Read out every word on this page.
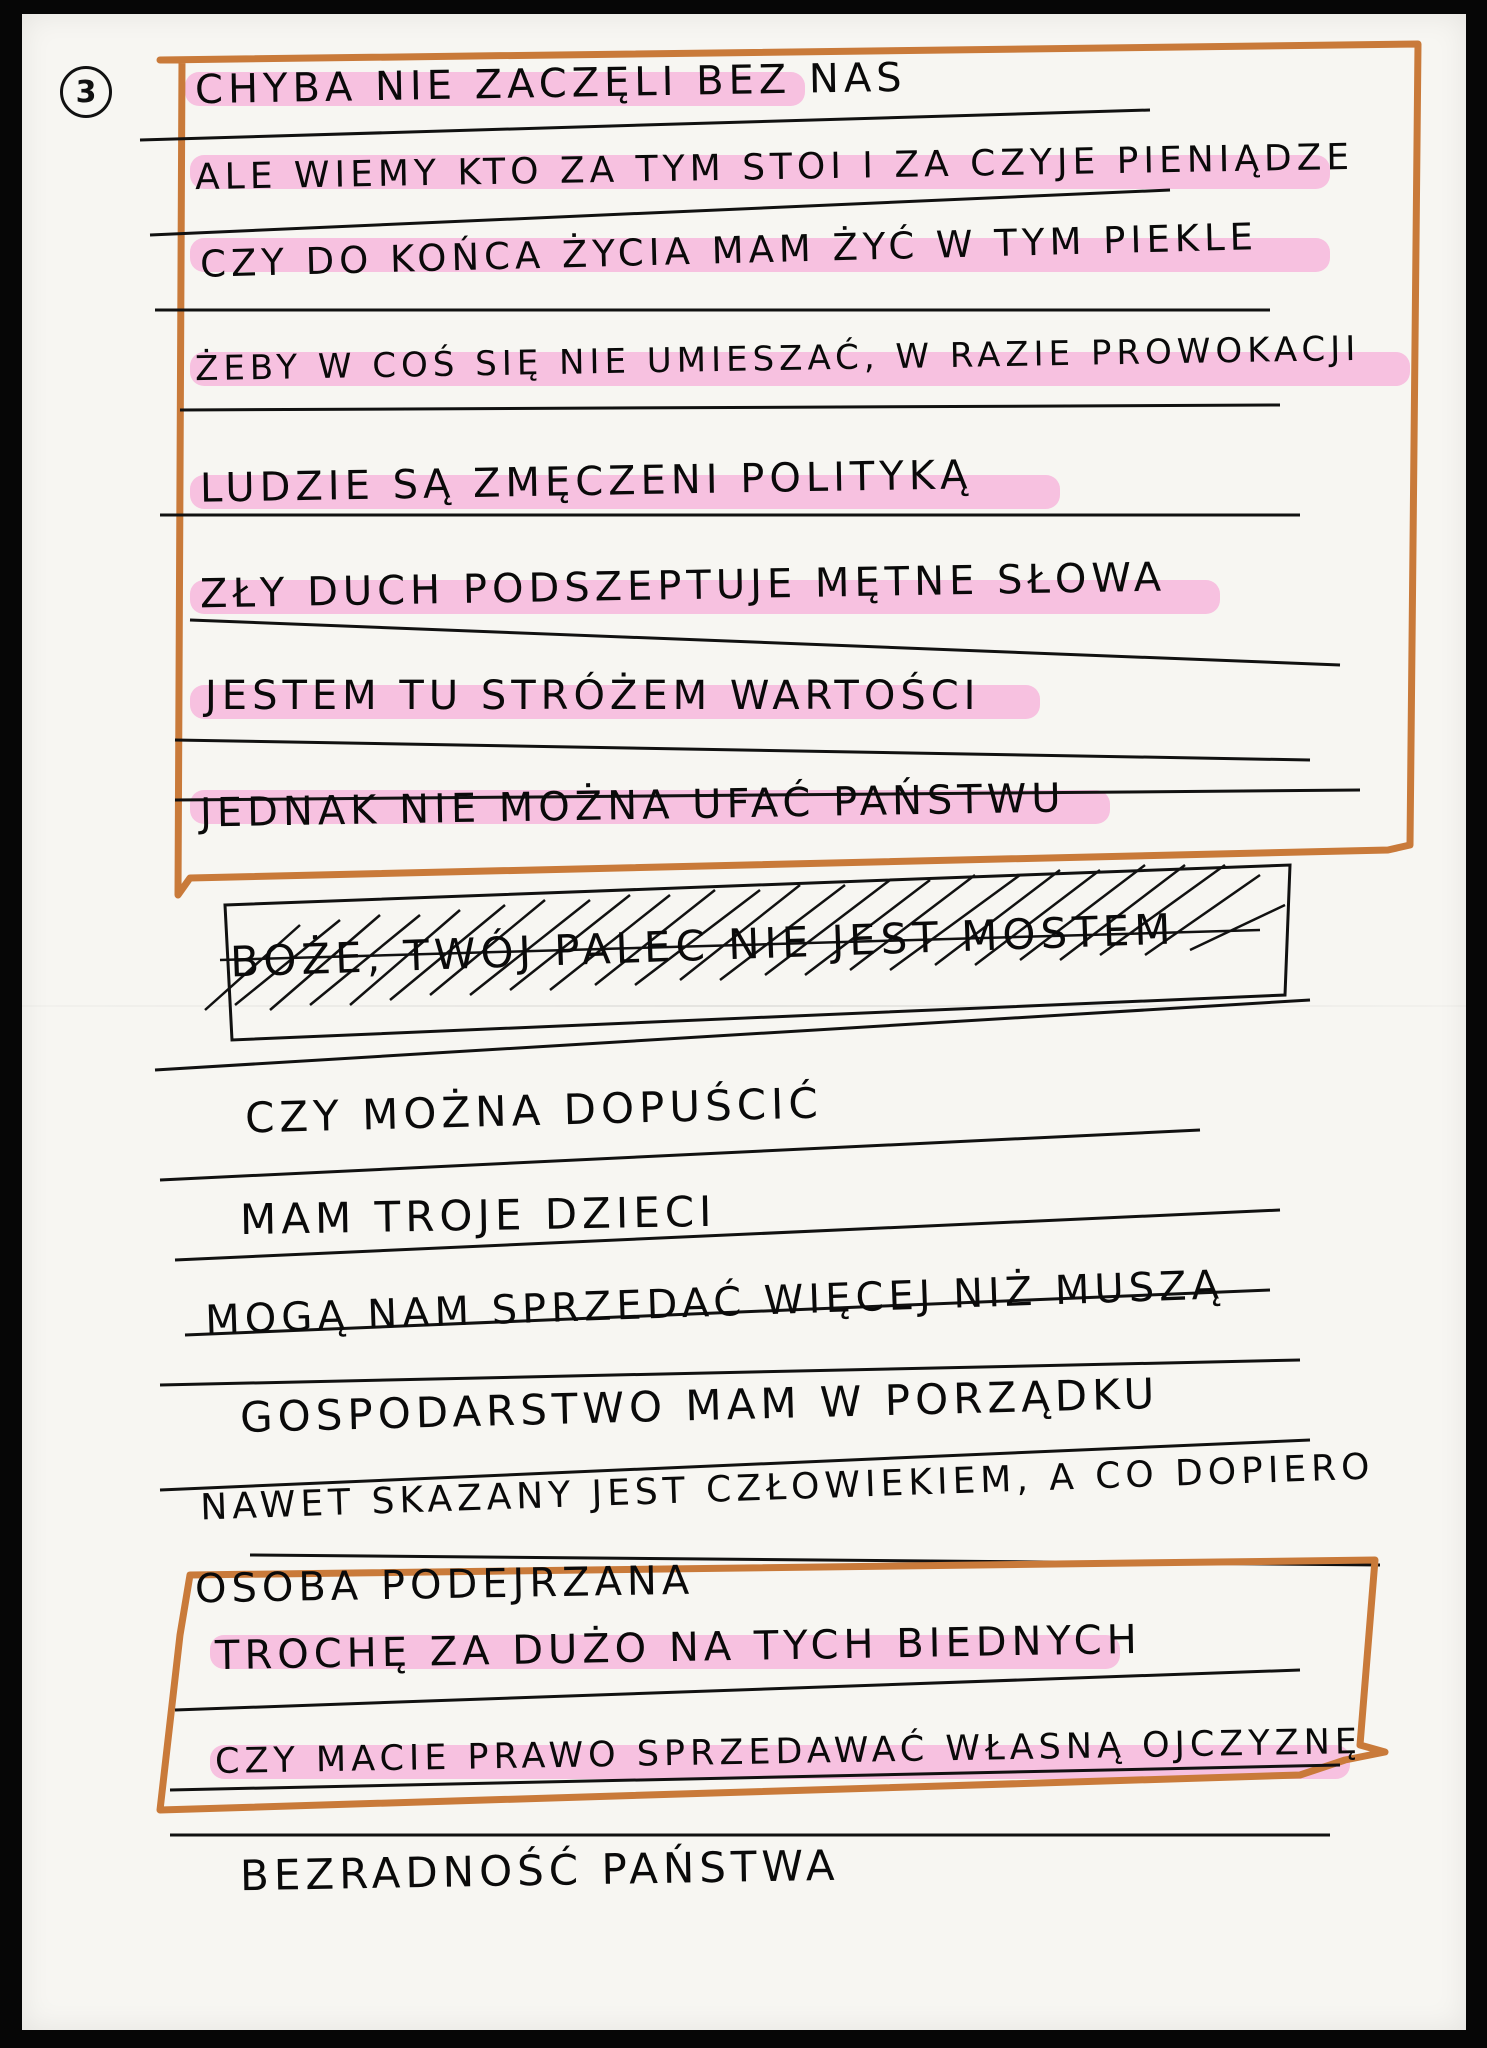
3	CHYBA NIE ZACZĘLI BEZ NAS
ALE WIEMY KTO ZA TYM STOI I ZA CZYJE PIENIĄDZE
CZY DO KOŃCA ŻYCIA MAM ŻYĆ W TYM PIEKLE
ŻEBY W COŚ SIĘ NIE UMIESZAĆ, W RAZIE PROWOKACJI
LUDZIE SĄ ZMĘCZENI POLITYKĄ
ZŁY DUCH PODSZEPTUJE MĘTNE SŁOWA
JESTEM TU STRÓŻEM WARTOŚCI
JEDNAK NIE MOŻNA UFAĆ PAŃSTWU
BOŻE, TWÓJ PALEC NIE JEST MOSTEM
CZY MOŻNA DOPUŚCIĆ
MAM TROJE DZIECI
MOGĄ NAM SPRZEDAĆ WIĘCEJ NIŻ MUSZĄ
GOSPODARSTWO MAM W PORZĄDKU
NAWET SKAZANY JEST CZŁOWIEKIEM, A CO DOPIERO
OSOBA PODEJRZANA
TROCHĘ ZA DUŻO NA TYCH BIEDNYCH
CZY MACIE PRAWO SPRZEDAWAĆ WŁASNĄ OJCZYZNĘ
BEZRADNOŚĆ PAŃSTWA
